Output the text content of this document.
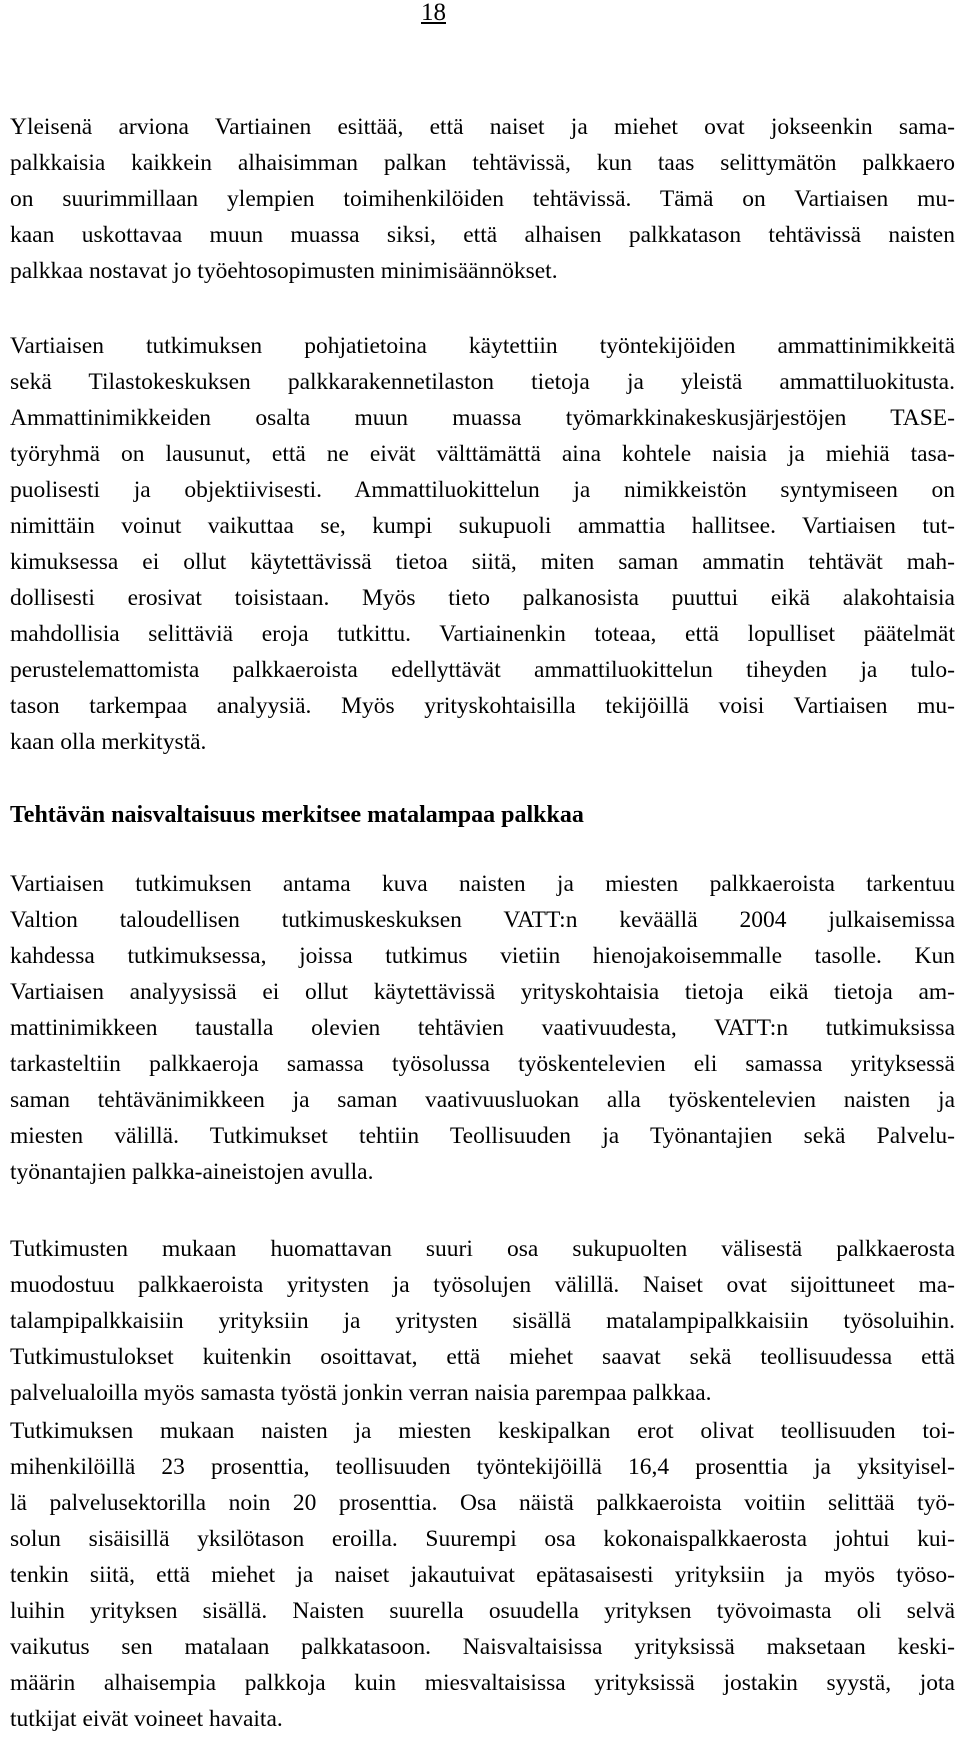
18

Yleisenä arviona Vartiainen esittää, että naiset ja miehet ovat jokseenkin sama-
palkkaisia kaikkein alhaisimman palkan tehtävissä, kun taas selittymätön palkkaero
on suurimmillaan ylempien toimihenkilöiden tehtävissä. Tämä on Vartiaisen mu-
kaan uskottavaa muun muassa siksi, että alhaisen palkkatason tehtävissä naisten
palkkaa nostavat jo työehtosopimusten minimisäännökset.

Vartiaisen tutkimuksen pohjatietoina käytettiin työntekijöiden ammattinimikkeitä
sekä Tilastokeskuksen palkkarakennetilaston tietoja ja yleistä ammattiluokitusta.
Ammattinimikkeiden osalta muun muassa työmarkkinakeskusjärjestöjen TASE-
työryhmä on lausunut, että ne eivät välttämättä aina kohtele naisia ja miehiä tasa-
puolisesti ja objektiivisesti. Ammattiluokittelun ja nimikkeistön syntymiseen on
nimittäin voinut vaikuttaa se, kumpi sukupuoli ammattia hallitsee. Vartiaisen tut-
kimuksessa ei ollut käytettävissä tietoa siitä, miten saman ammatin tehtävät mah-
dollisesti erosivat toisistaan. Myös tieto palkanosista puuttui eikä alakohtaisia
mahdollisia selittäviä eroja tutkittu. Vartiainenkin toteaa, että lopulliset päätelmät
perustelemattomista palkkaeroista edellyttävät ammattiluokittelun tiheyden ja tulo-
tason tarkempaa analyysiä. Myös yrityskohtaisilla tekijöillä voisi Vartiaisen mu-
kaan olla merkitystä.

Tehtävän naisvaltaisuus merkitsee matalampaa palkkaa

Vartiaisen tutkimuksen antama kuva naisten ja miesten palkkaeroista tarkentuu
Valtion taloudellisen tutkimuskeskuksen VATT:n keväällä 2004 julkaisemissa
kahdessa tutkimuksessa, joissa tutkimus vietiin hienojakoisemmalle tasolle. Kun
Vartiaisen analyysissä ei ollut käytettävissä yrityskohtaisia tietoja eikä tietoja am-
mattinimikkeen taustalla olevien tehtävien vaativuudesta, VATT:n tutkimuksissa
tarkasteltiin palkkaeroja samassa työsolussa työskentelevien eli samassa yrityksessä
saman tehtävänimikkeen ja saman vaativuusluokan alla työskentelevien naisten ja
miesten välillä. Tutkimukset tehtiin Teollisuuden ja Työnantajien sekä Palvelu-
työnantajien palkka-aineistojen avulla.

Tutkimusten mukaan huomattavan suuri osa sukupuolten välisestä palkkaerosta
muodostuu palkkaeroista yritysten ja työsolujen välillä. Naiset ovat sijoittuneet ma-
talampipalkkaisiin yrityksiin ja yritysten sisällä matalampipalkkaisiin työsoluihin.
Tutkimustulokset kuitenkin osoittavat, että miehet saavat sekä teollisuudessa että
palvelualoilla myös samasta työstä jonkin verran naisia parempaa palkkaa.

Tutkimuksen mukaan naisten ja miesten keskipalkan erot olivat teollisuuden toi-
mihenkilöillä 23 prosenttia, teollisuuden työntekijöillä 16,4 prosenttia ja yksityisel-
lä palvelusektorilla noin 20 prosenttia. Osa näistä palkkaeroista voitiin selittää työ-
solun sisäisillä yksilötason eroilla. Suurempi osa kokonaispalkkaerosta johtui kui-
tenkin siitä, että miehet ja naiset jakautuivat epätasaisesti yrityksiin ja myös työso-
luihin yrityksen sisällä. Naisten suurella osuudella yrityksen työvoimasta oli selvä
vaikutus sen matalaan palkkatasoon. Naisvaltaisissa yrityksissä maksetaan keski-
määrin alhaisempia palkkoja kuin miesvaltaisissa yrityksissä jostakin syystä, jota
tutkijat eivät voineet havaita.
